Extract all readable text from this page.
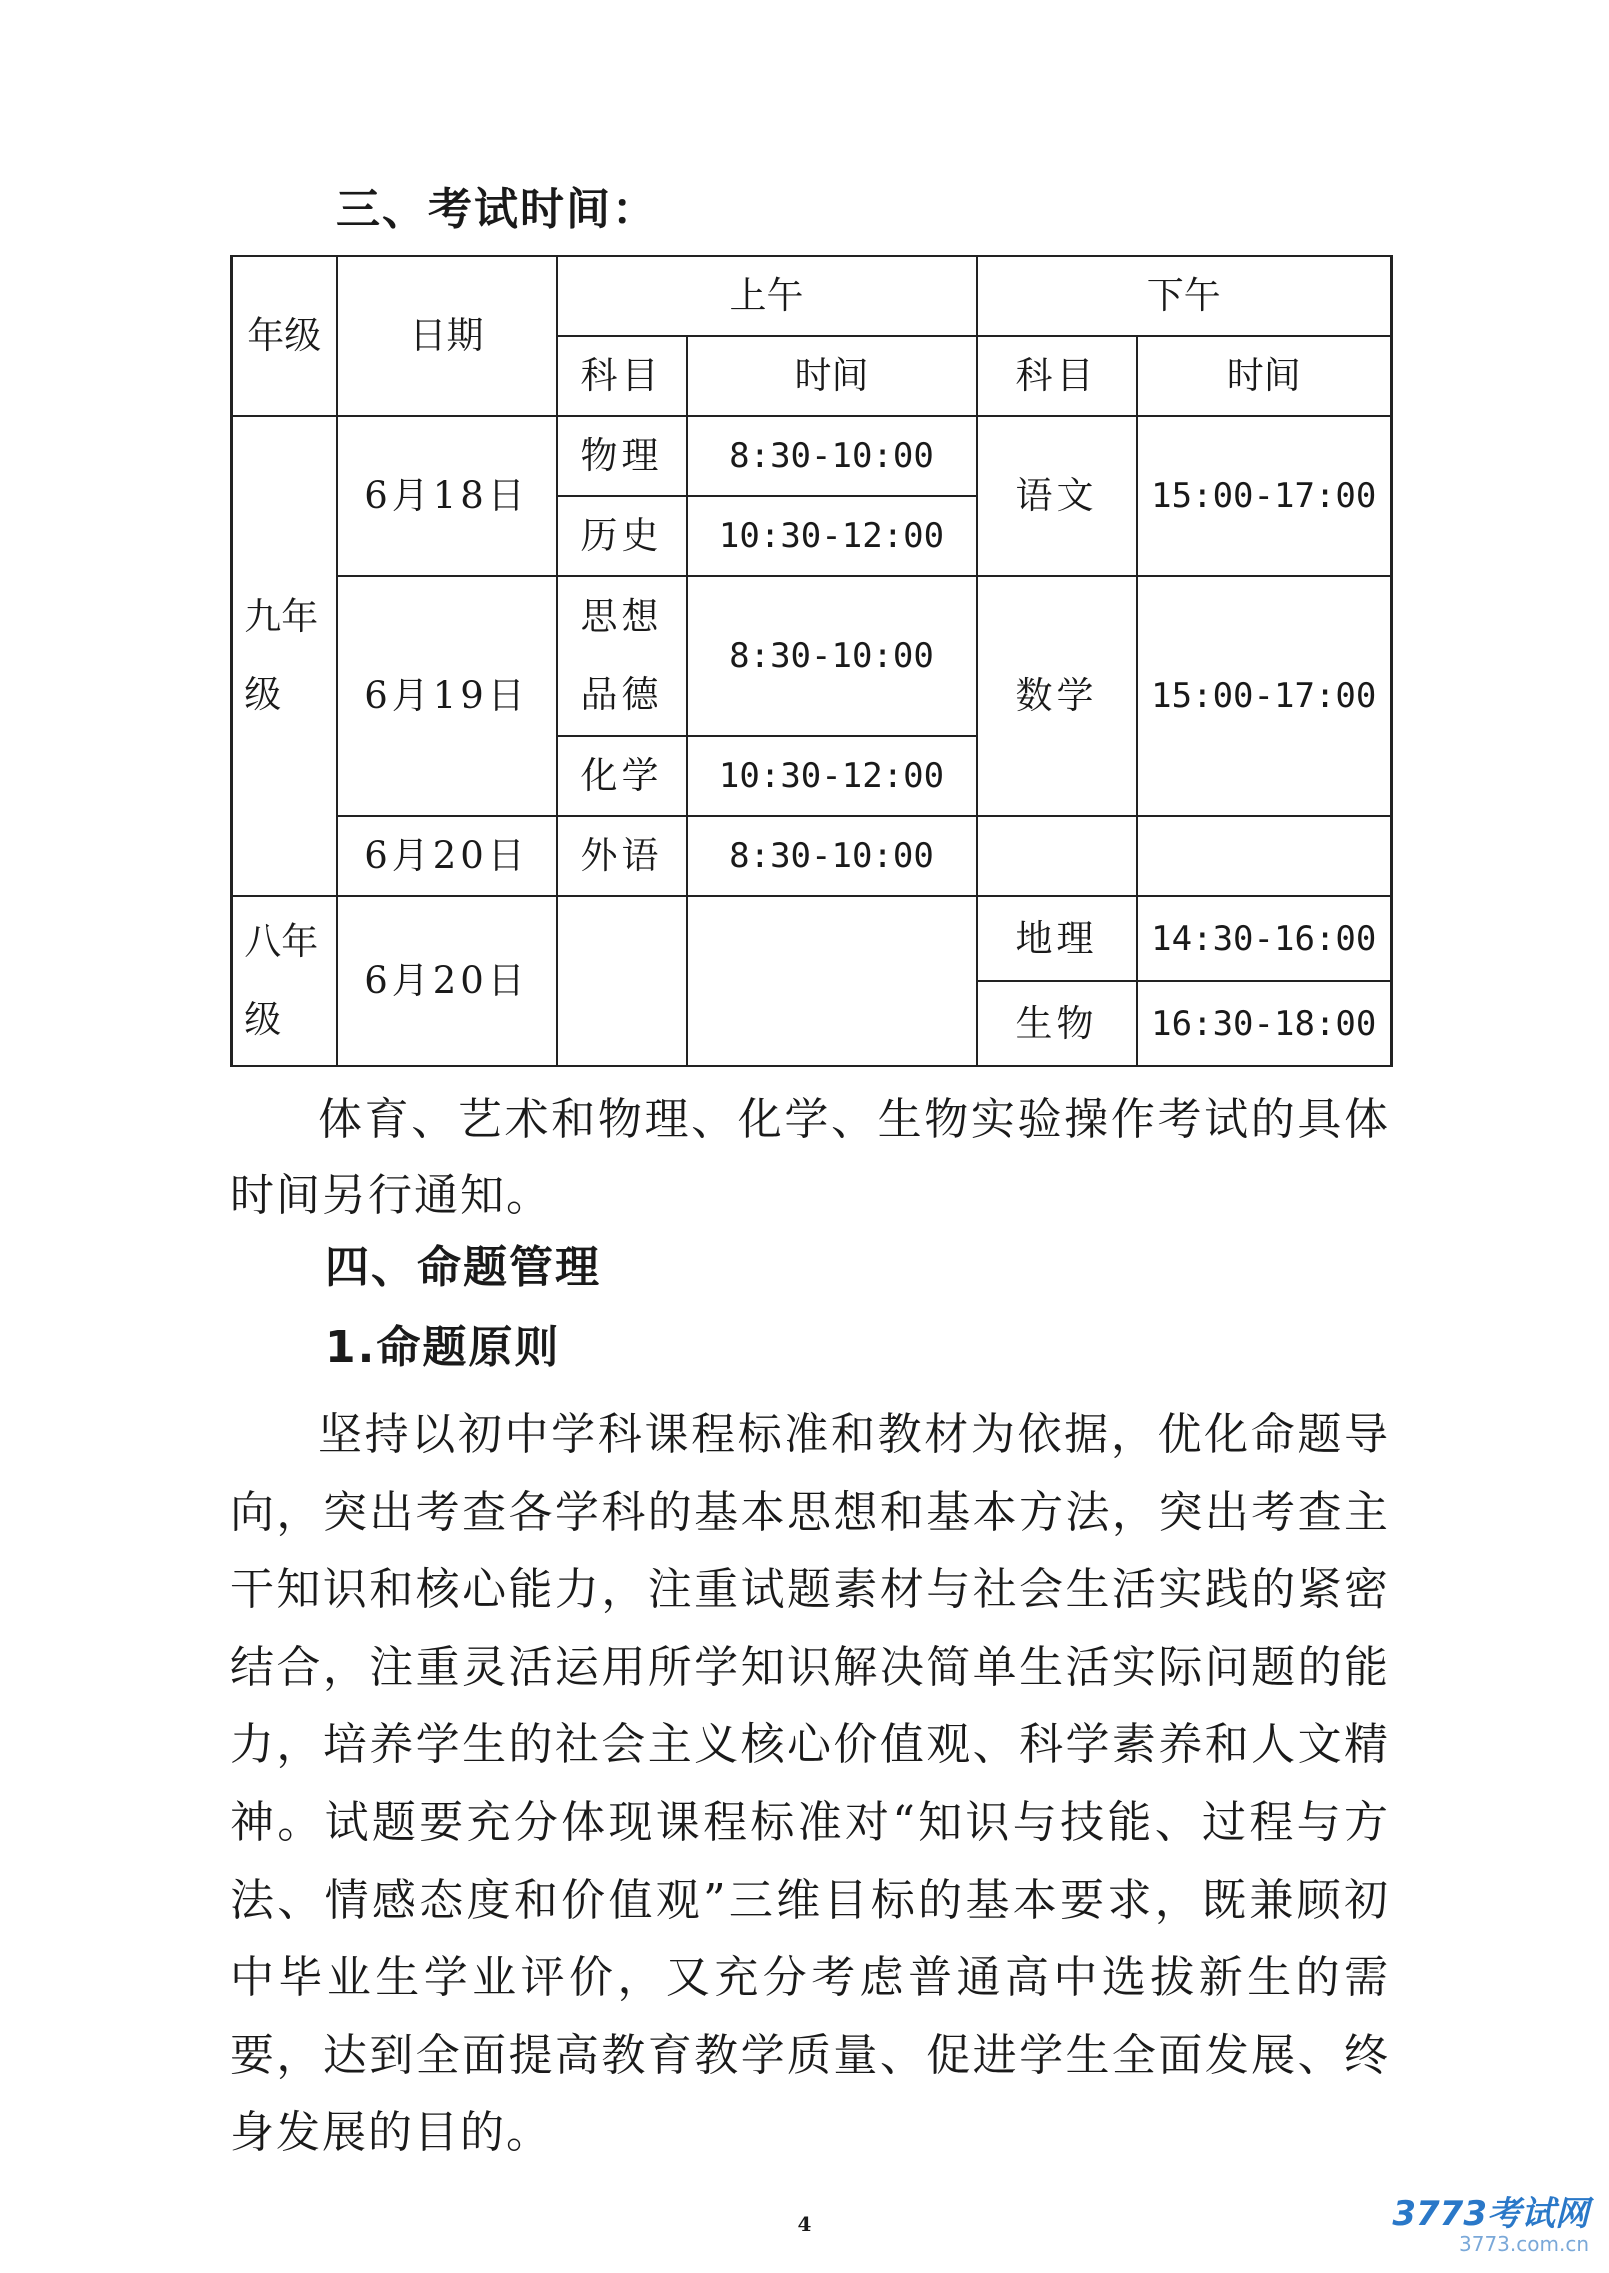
三、考试时间：
年级	日期	上午		下午	
		科目	时间	科目	时间
九年级	6月18日	物理	8:30-10:00	语文	15:00-17:00
		历史	10:30-12:00		
	6月19日	思想品德	8:30-10:00	数学	15:00-17:00
		化学	10:30-12:00		
	6月20日	外语	8:30-10:00		

八年级	6月20日			地理	14:30-16:00
				生物	16:30-18:00
体育、艺术和物理、化学、生物实验操作考试的具体时间另行通知。
四、命题管理
1.命题原则
坚持以初中学科课程标准和教材为依据，优化命题导向，突出考查各学科的基本思想和基本方法，突出考查主干知识和核心能力，注重试题素材与社会生活实践的紧密结合，注重灵活运用所学知识解决简单生活实际问题的能力，培养学生的社会主义核心价值观、科学素养和人文精神。试题要充分体现课程标准对“知识与技能、过程与方法、情感态度和价值观”三维目标的基本要求，既兼顾初中毕业生学业评价，又充分考虑普通高中选拔新生的需要，达到全面提高教育教学质量、促进学生全面发展、终身发展的目的。
4	3773考试网
3773.com.cn
